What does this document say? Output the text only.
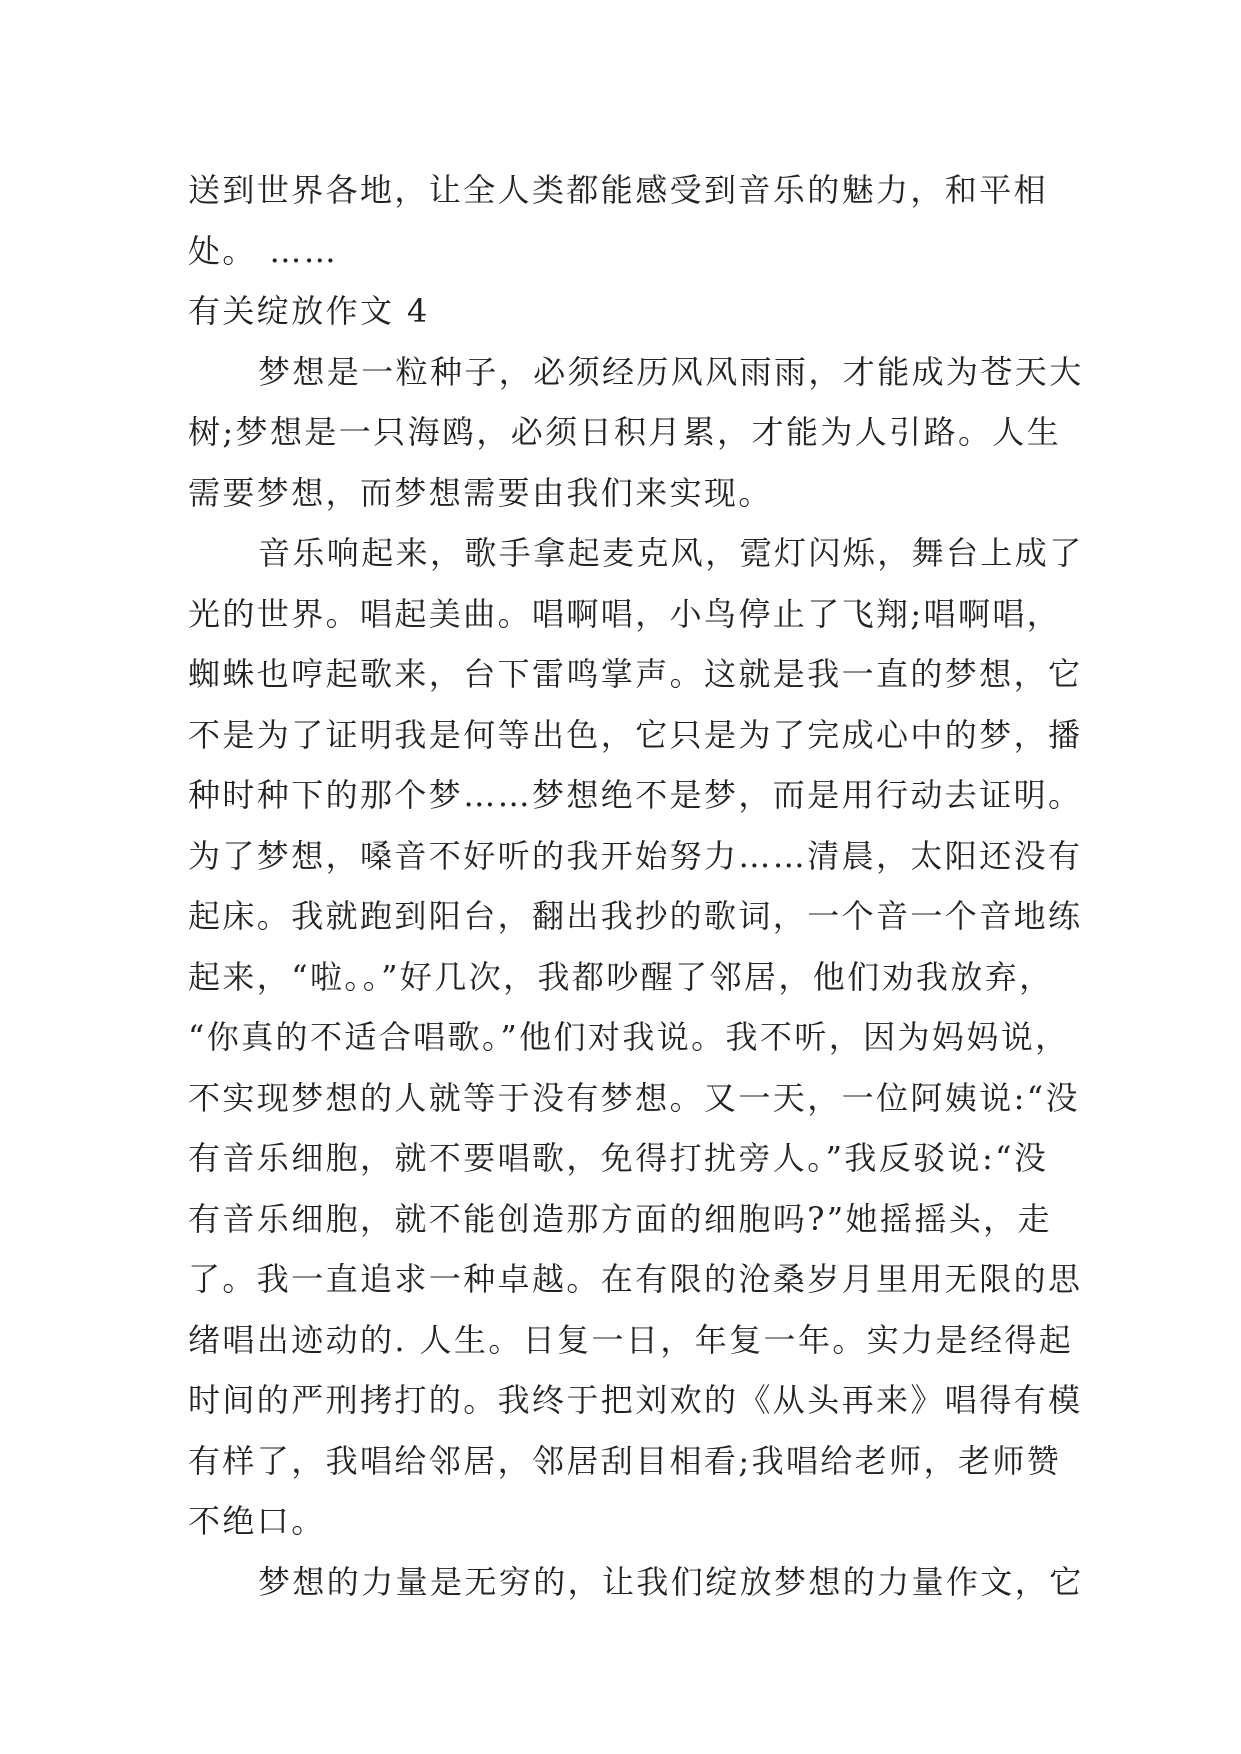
送到世界各地，让全人类都能感受到音乐的魅力，和平相
处。 ……
有关绽放作文 4
梦想是一粒种子，必须经历风风雨雨，才能成为苍天大
树;梦想是一只海鸥，必须日积月累，才能为人引路。人生
需要梦想，而梦想需要由我们来实现。
音乐响起来，歌手拿起麦克风，霓灯闪烁，舞台上成了
光的世界。唱起美曲。唱啊唱，小鸟停止了飞翔;唱啊唱，
蜘蛛也哼起歌来，台下雷鸣掌声。这就是我一直的梦想，它
不是为了证明我是何等出色，它只是为了完成心中的梦，播
种时种下的那个梦……梦想绝不是梦，而是用行动去证明。
为了梦想，嗓音不好听的我开始努力……清晨，太阳还没有
起床。我就跑到阳台，翻出我抄的歌词，一个音一个音地练
起来，“啦。。”好几次，我都吵醒了邻居，他们劝我放弃，
“你真的不适合唱歌。”他们对我说。我不听，因为妈妈说，
不实现梦想的人就等于没有梦想。又一天，一位阿姨说:“没
有音乐细胞，就不要唱歌，免得打扰旁人。”我反驳说:“没
有音乐细胞，就不能创造那方面的细胞吗?”她摇摇头，走
了。我一直追求一种卓越。在有限的沧桑岁月里用无限的思
绪唱出迹动的. 人生。日复一日，年复一年。实力是经得起
时间的严刑拷打的。我终于把刘欢的《从头再来》唱得有模
有样了，我唱给邻居，邻居刮目相看;我唱给老师，老师赞
不绝口。
梦想的力量是无穷的，让我们绽放梦想的力量作文，它
